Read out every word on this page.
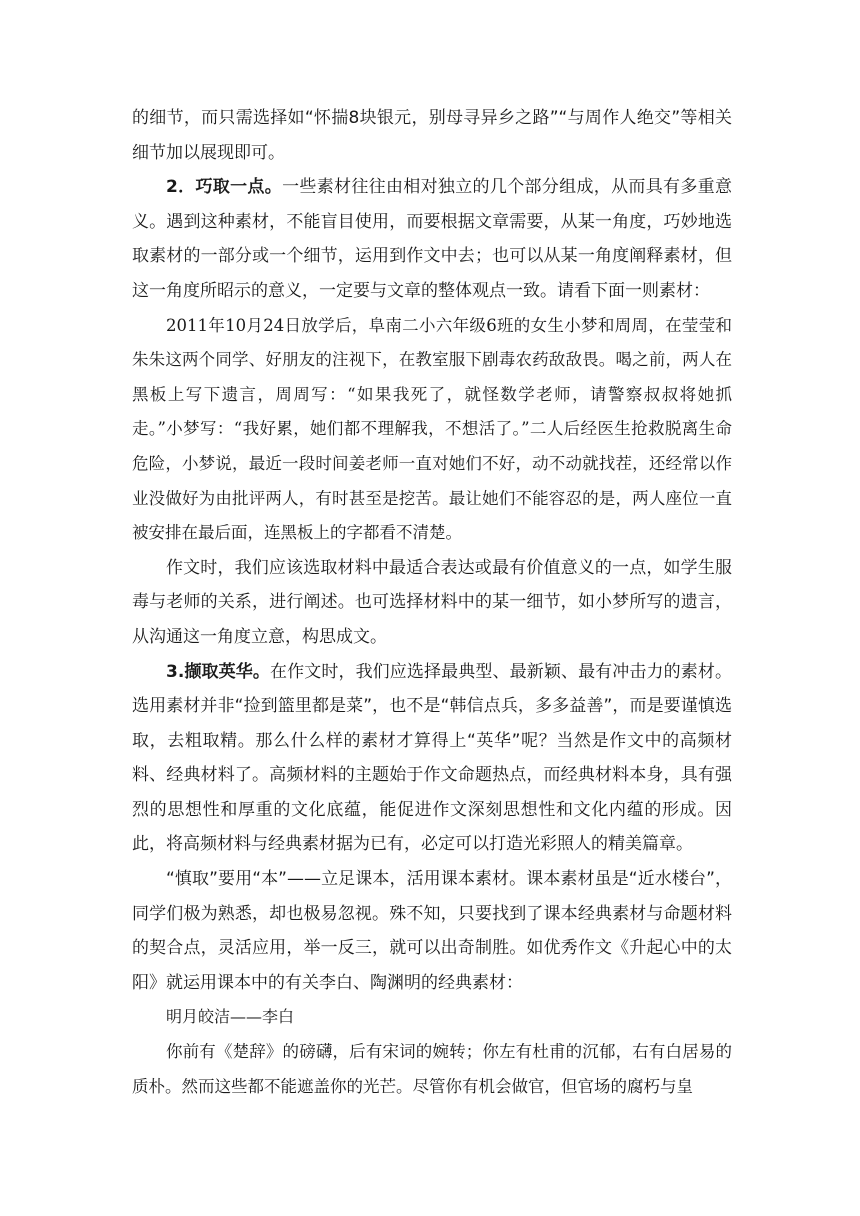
的细节，而只需选择如“怀揣8块银元，别母寻异乡之路”“与周作人绝交”等相关细节加以展现即可。

2．巧取一点。一些素材往往由相对独立的几个部分组成，从而具有多重意义。遇到这种素材，不能盲目使用，而要根据文章需要，从某一角度，巧妙地选取素材的一部分或一个细节，运用到作文中去；也可以从某一角度阐释素材，但这一角度所昭示的意义，一定要与文章的整体观点一致。请看下面一则素材：

2011年10月24日放学后，阜南二小六年级6班的女生小梦和周周，在莹莹和朱朱这两个同学、好朋友的注视下，在教室服下剧毒农药敌敌畏。喝之前，两人在黑板上写下遗言，周周写：“如果我死了，就怪数学老师，请警察叔叔将她抓走。”小梦写：“我好累，她们都不理解我，不想活了。”二人后经医生抢救脱离生命危险，小梦说，最近一段时间姜老师一直对她们不好，动不动就找茬，还经常以作业没做好为由批评两人，有时甚至是挖苦。最让她们不能容忍的是，两人座位一直被安排在最后面，连黑板上的字都看不清楚。

作文时，我们应该选取材料中最适合表达或最有价值意义的一点，如学生服毒与老师的关系，进行阐述。也可选择材料中的某一细节，如小梦所写的遗言，从沟通这一角度立意，构思成文。

3.撷取英华。在作文时，我们应选择最典型、最新颖、最有冲击力的素材。选用素材并非“捡到篮里都是菜”，也不是“韩信点兵，多多益善”，而是要谨慎选取，去粗取精。那么什么样的素材才算得上“英华”呢？当然是作文中的高频材料、经典材料了。高频材料的主题始于作文命题热点，而经典材料本身，具有强烈的思想性和厚重的文化底蕴，能促进作文深刻思想性和文化内蕴的形成。因此，将高频材料与经典素材据为已有，必定可以打造光彩照人的精美篇章。

“慎取”要用“本”——立足课本，活用课本素材。课本素材虽是“近水楼台”，同学们极为熟悉，却也极易忽视。殊不知，只要找到了课本经典素材与命题材料的契合点，灵活应用，举一反三，就可以出奇制胜。如优秀作文《升起心中的太阳》就运用课本中的有关李白、陶渊明的经典素材：

明月皎洁——李白

你前有《楚辞》的磅礴，后有宋词的婉转；你左有杜甫的沉郁，右有白居易的质朴。然而这些都不能遮盖你的光芒。尽管你有机会做官，但官场的腐朽与皇
